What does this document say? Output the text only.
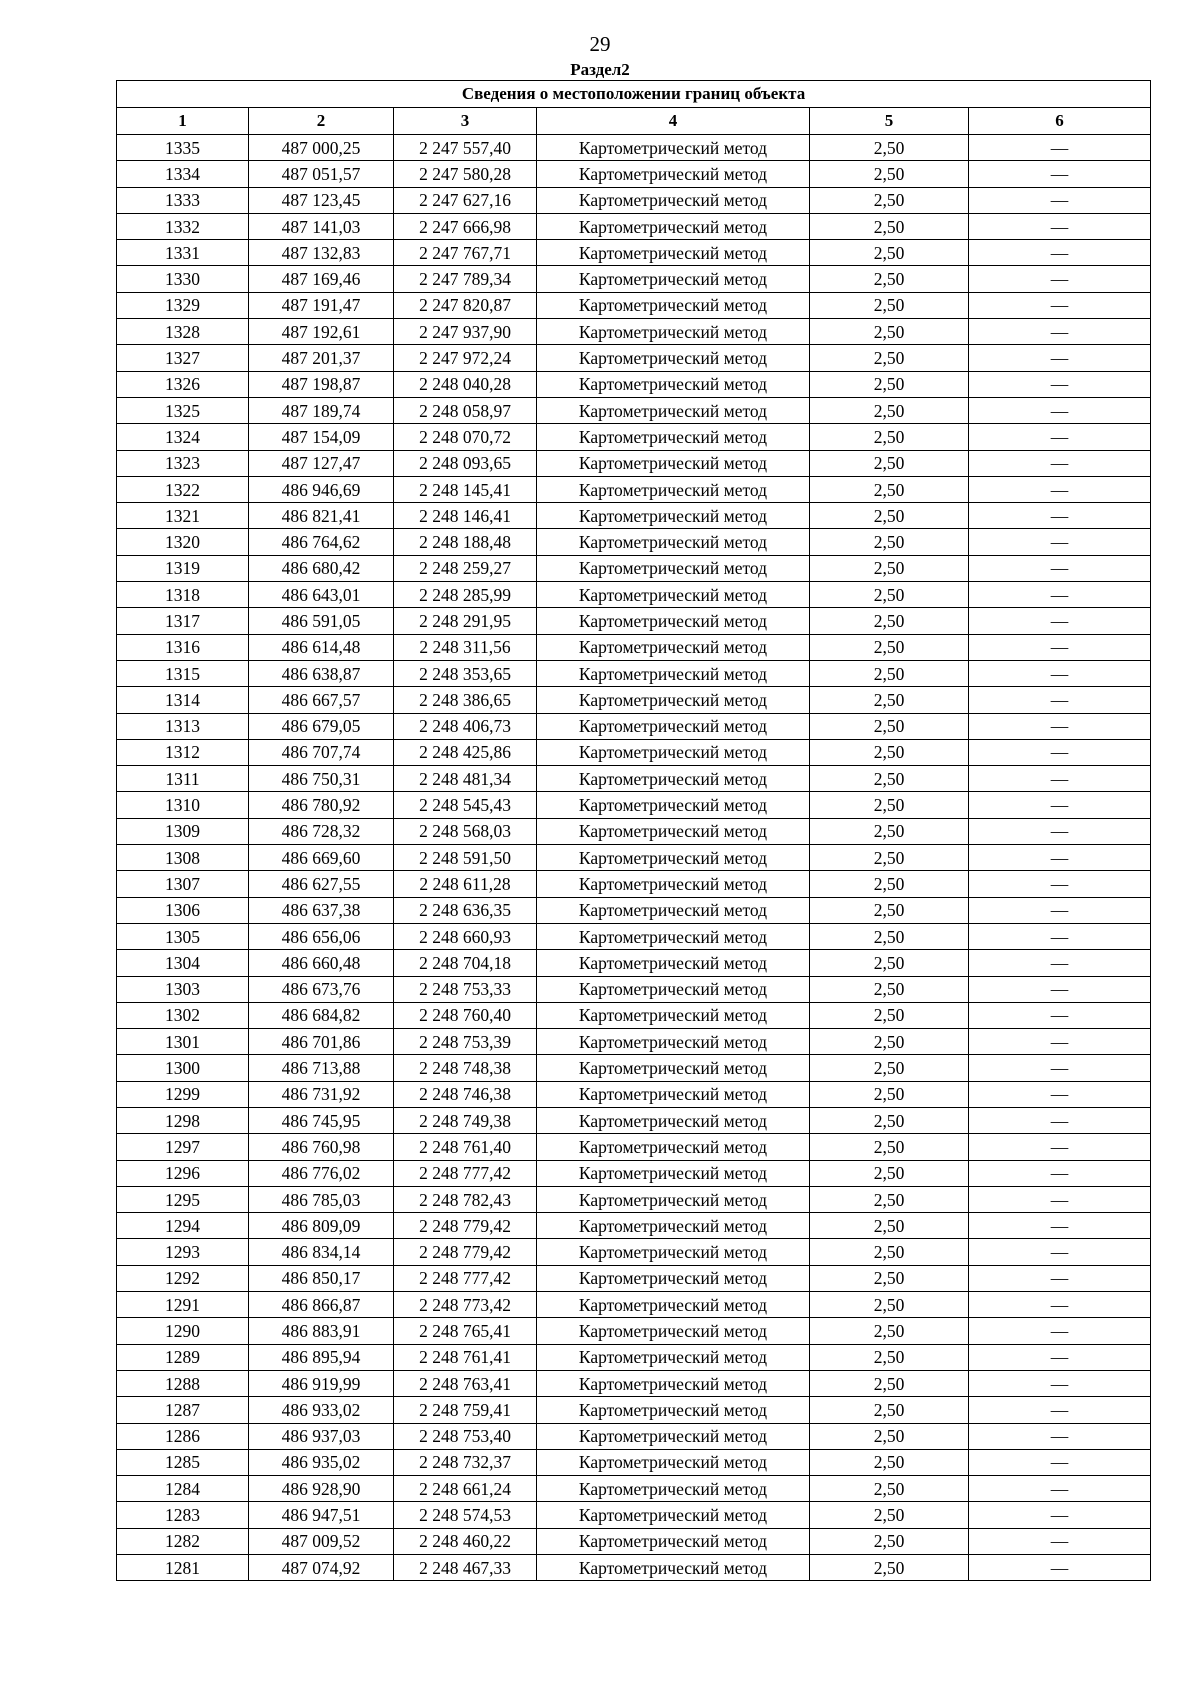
29
Раздел2
Сведения о местоположении границ объекта					
1	2	3	4	5	6
1335	487 000,25	2 247 557,40	Картометрический метод	2,50	—
1334	487 051,57	2 247 580,28	Картометрический метод	2,50	—
1333	487 123,45	2 247 627,16	Картометрический метод	2,50	—
1332	487 141,03	2 247 666,98	Картометрический метод	2,50	—
1331	487 132,83	2 247 767,71	Картометрический метод	2,50	—
1330	487 169,46	2 247 789,34	Картометрический метод	2,50	—
1329	487 191,47	2 247 820,87	Картометрический метод	2,50	—
1328	487 192,61	2 247 937,90	Картометрический метод	2,50	—
1327	487 201,37	2 247 972,24	Картометрический метод	2,50	—
1326	487 198,87	2 248 040,28	Картометрический метод	2,50	—
1325	487 189,74	2 248 058,97	Картометрический метод	2,50	—
1324	487 154,09	2 248 070,72	Картометрический метод	2,50	—
1323	487 127,47	2 248 093,65	Картометрический метод	2,50	—
1322	486 946,69	2 248 145,41	Картометрический метод	2,50	—
1321	486 821,41	2 248 146,41	Картометрический метод	2,50	—
1320	486 764,62	2 248 188,48	Картометрический метод	2,50	—
1319	486 680,42	2 248 259,27	Картометрический метод	2,50	—
1318	486 643,01	2 248 285,99	Картометрический метод	2,50	—
1317	486 591,05	2 248 291,95	Картометрический метод	2,50	—
1316	486 614,48	2 248 311,56	Картометрический метод	2,50	—
1315	486 638,87	2 248 353,65	Картометрический метод	2,50	—
1314	486 667,57	2 248 386,65	Картометрический метод	2,50	—
1313	486 679,05	2 248 406,73	Картометрический метод	2,50	—
1312	486 707,74	2 248 425,86	Картометрический метод	2,50	—
1311	486 750,31	2 248 481,34	Картометрический метод	2,50	—
1310	486 780,92	2 248 545,43	Картометрический метод	2,50	—
1309	486 728,32	2 248 568,03	Картометрический метод	2,50	—
1308	486 669,60	2 248 591,50	Картометрический метод	2,50	—
1307	486 627,55	2 248 611,28	Картометрический метод	2,50	—
1306	486 637,38	2 248 636,35	Картометрический метод	2,50	—
1305	486 656,06	2 248 660,93	Картометрический метод	2,50	—
1304	486 660,48	2 248 704,18	Картометрический метод	2,50	—
1303	486 673,76	2 248 753,33	Картометрический метод	2,50	—
1302	486 684,82	2 248 760,40	Картометрический метод	2,50	—
1301	486 701,86	2 248 753,39	Картометрический метод	2,50	—
1300	486 713,88	2 248 748,38	Картометрический метод	2,50	—
1299	486 731,92	2 248 746,38	Картометрический метод	2,50	—
1298	486 745,95	2 248 749,38	Картометрический метод	2,50	—
1297	486 760,98	2 248 761,40	Картометрический метод	2,50	—
1296	486 776,02	2 248 777,42	Картометрический метод	2,50	—
1295	486 785,03	2 248 782,43	Картометрический метод	2,50	—
1294	486 809,09	2 248 779,42	Картометрический метод	2,50	—
1293	486 834,14	2 248 779,42	Картометрический метод	2,50	—
1292	486 850,17	2 248 777,42	Картометрический метод	2,50	—
1291	486 866,87	2 248 773,42	Картометрический метод	2,50	—
1290	486 883,91	2 248 765,41	Картометрический метод	2,50	—
1289	486 895,94	2 248 761,41	Картометрический метод	2,50	—
1288	486 919,99	2 248 763,41	Картометрический метод	2,50	—
1287	486 933,02	2 248 759,41	Картометрический метод	2,50	—
1286	486 937,03	2 248 753,40	Картометрический метод	2,50	—
1285	486 935,02	2 248 732,37	Картометрический метод	2,50	—
1284	486 928,90	2 248 661,24	Картометрический метод	2,50	—
1283	486 947,51	2 248 574,53	Картометрический метод	2,50	—
1282	487 009,52	2 248 460,22	Картометрический метод	2,50	—
1281	487 074,92	2 248 467,33	Картометрический метод	2,50	—
